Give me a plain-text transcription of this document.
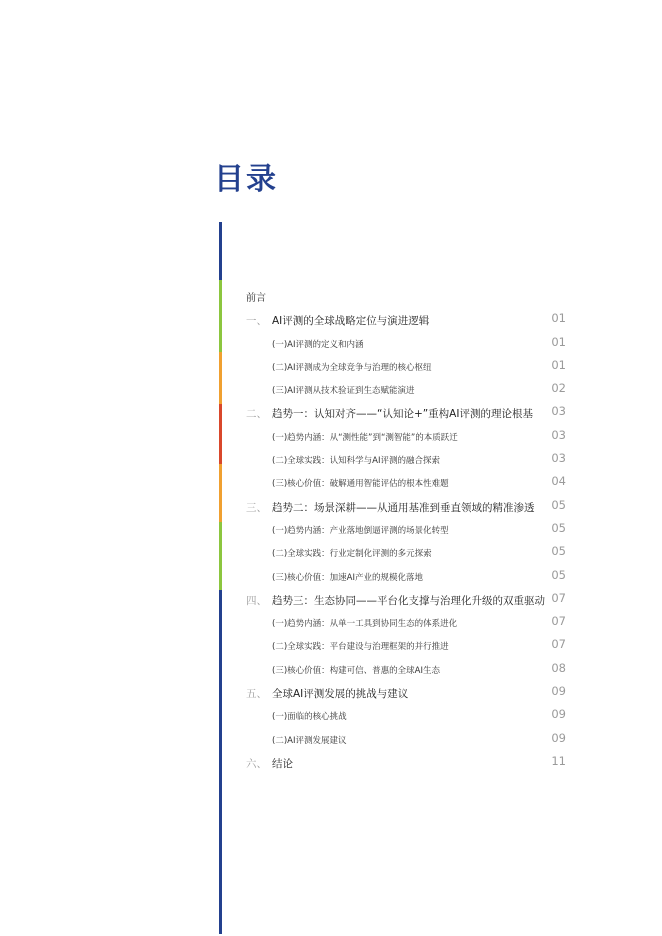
目录
前言
一、 AI评测的全球战略定位与演进逻辑	01
(一)AI评测的定义和内涵	01
(二)AI评测成为全球竞争与治理的核心枢纽	01
(三)AI评测从技术验证到生态赋能演进	02
二、 趋势一：认知对齐——“认知论+”重构AI评测的理论根基 03
(一)趋势内涵：从“测性能”到“测智能”的本质跃迁	03
(二)全球实践：认知科学与AI评测的融合探索	03
(三)核心价值：破解通用智能评估的根本性难题	04
三、 趋势二：场景深耕——从通用基准到垂直领域的精准渗透 05
(一)趋势内涵：产业落地倒逼评测的场景化转型	05
(二)全球实践：行业定制化评测的多元探索	05
(三)核心价值：加速AI产业的规模化落地	05
四、 趋势三：生态协同——平台化支撑与治理化升级的双重驱动 07
(一)趋势内涵：从单一工具到协同生态的体系进化	07
(二)全球实践：平台建设与治理框架的并行推进	07
(三)核心价值：构建可信、普惠的全球AI生态	08
五、 全球AI评测发展的挑战与建议	09
(一)面临的核心挑战	09
(二)AI评测发展建议	09
六、 结论	11
